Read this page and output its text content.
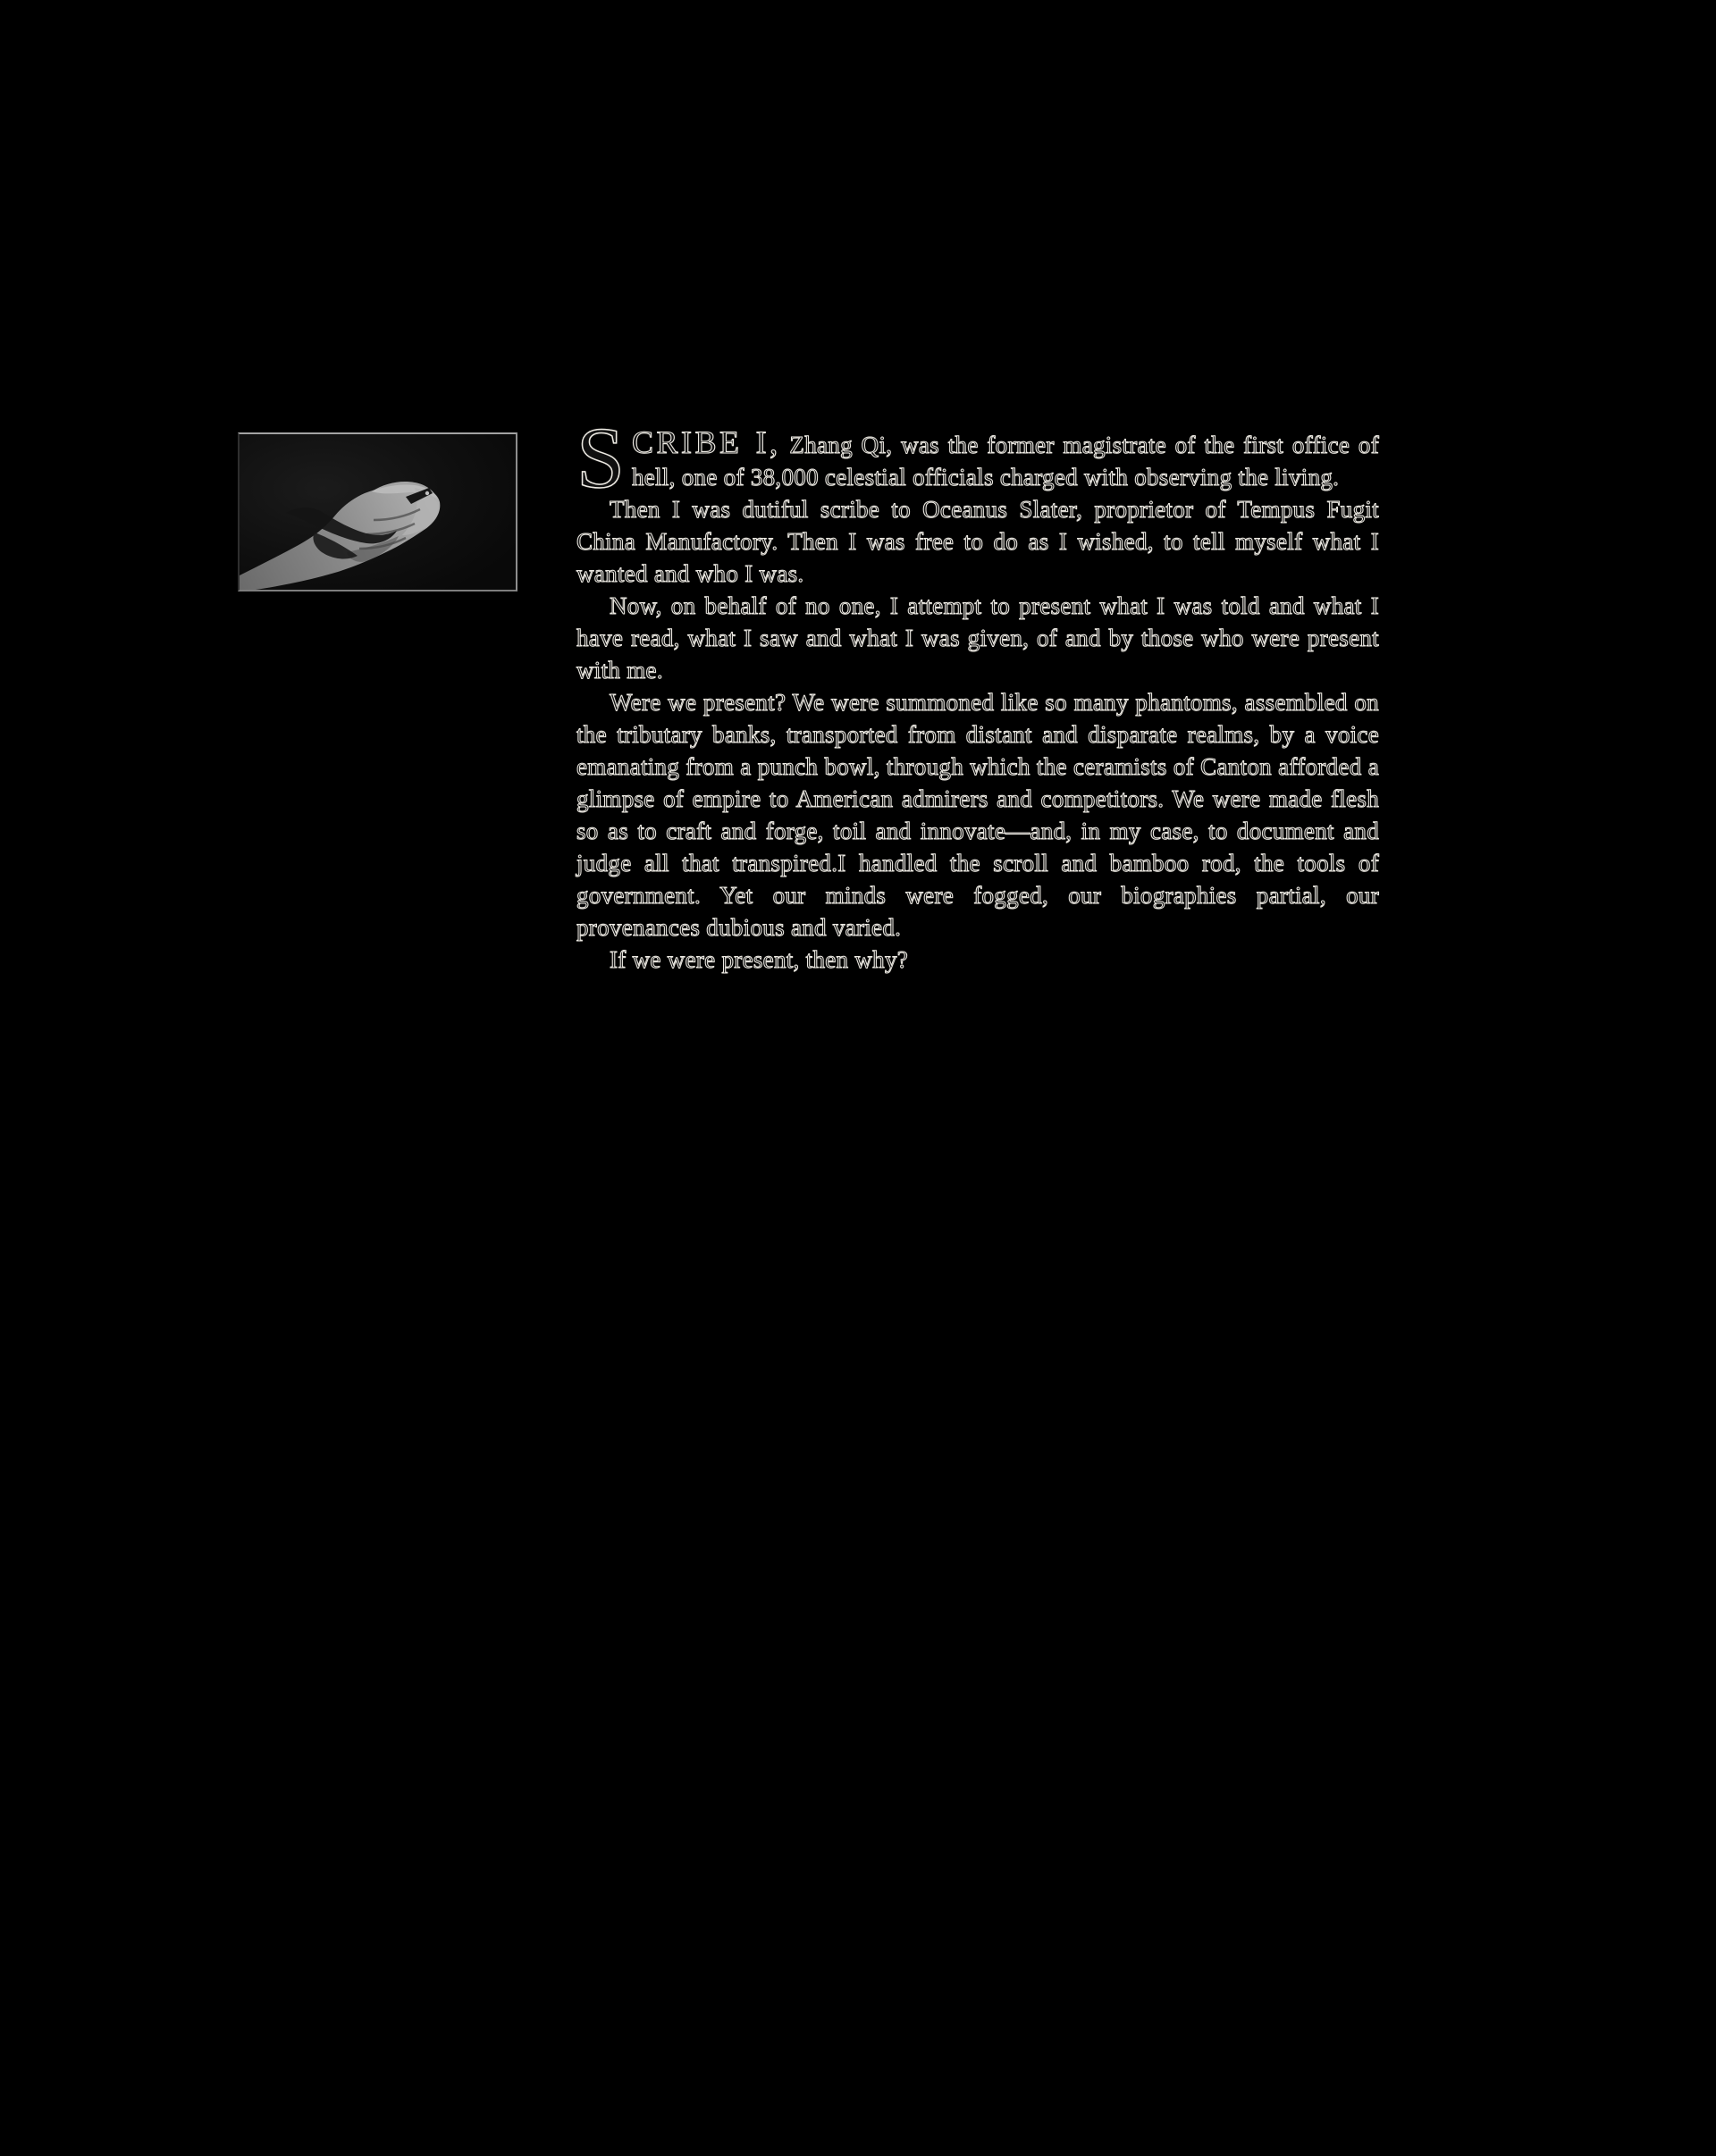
SCRIBE I, Zhang Qi, was the former magistrate of the first office of hell, one of 38,000 celestial officials charged with observing the living.

Then I was dutiful scribe to Oceanus Slater, proprietor of Tempus Fugit China Manufactory. Then I was free to do as I wished, to tell myself what I wanted and who I was.

Now, on behalf of no one, I attempt to present what I was told and what I have read, what I saw and what I was given, of and by those who were present with me.

Were we present? We were summoned like so many phantoms, assembled on the tributary banks, transported from distant and disparate realms, by a voice emanating from a punch bowl, through which the ceramists of Canton afforded a glimpse of empire to American admirers and competitors. We were made flesh so as to craft and forge, toil and innovate—and, in my case, to document and judge all that transpired.I handled the scroll and bamboo rod, the tools of government. Yet our minds were fogged, our biographies partial, our provenances dubious and varied.

If we were present, then why?
